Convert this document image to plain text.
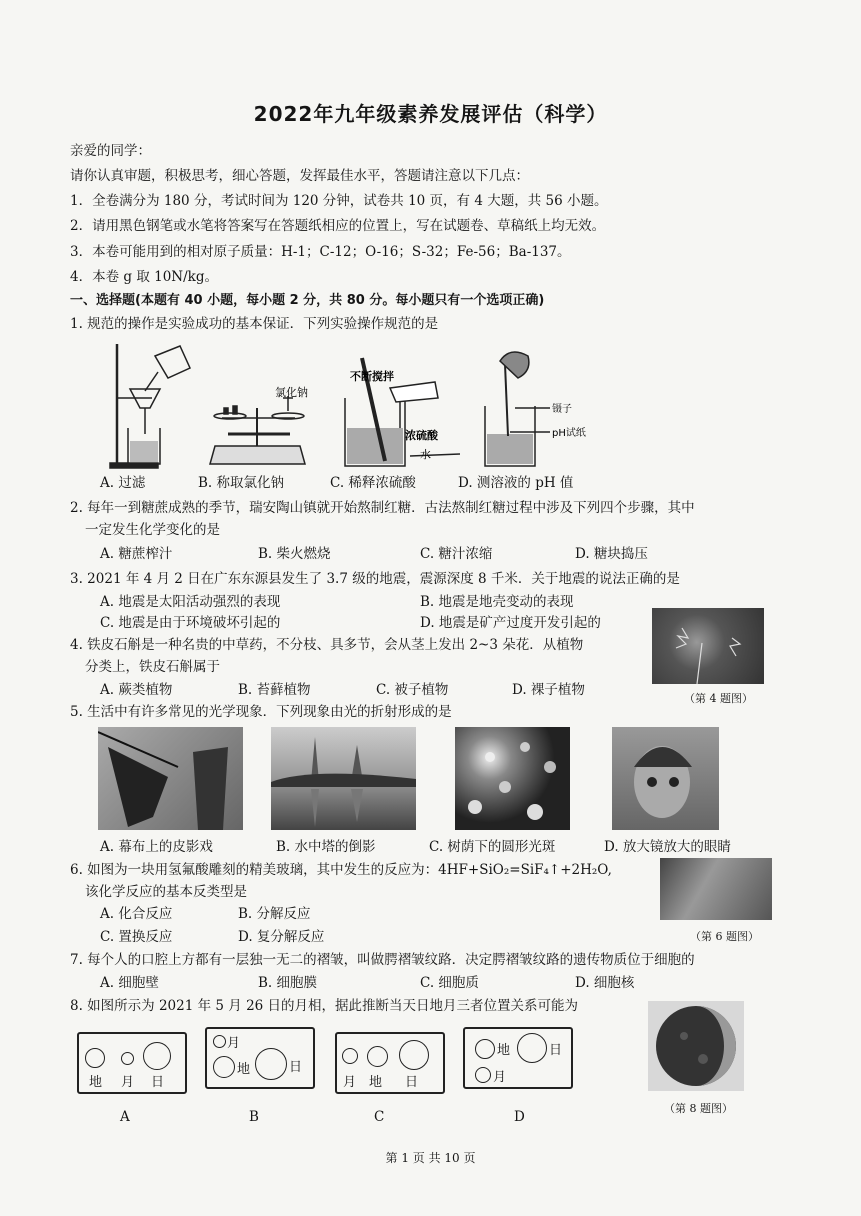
2022年九年级素养发展评估（科学）
亲爱的同学：
请你认真审题，积极思考，细心答题，发挥最佳水平，答题请注意以下几点：
1．全卷满分为 180 分，考试时间为 120 分钟，试卷共 10 页，有 4 大题，共 56 小题。
2．请用黑色钢笔或水笔将答案写在答题纸相应的位置上，写在试题卷、草稿纸上均无效。
3．本卷可能用到的相对原子质量：H-1；C-12；O-16；S-32；Fe-56；Ba-137。
4．本卷 g 取 10N/kg。
一、选择题(本题有 40 小题，每小题 2 分，共 80 分。每小题只有一个选项正确)
1. 规范的操作是实验成功的基本保证．下列实验操作规范的是
氯化钠
不断搅拌
浓硫酸
水
镊子
pH试纸
A. 过滤	B. 称取氯化钠	C. 稀释浓硫酸	D. 测溶液的 pH 值
2. 每年一到糖蔗成熟的季节，瑞安陶山镇就开始熬制红糖．古法熬制红糖过程中涉及下列四个步骤，其中
一定发生化学变化的是
A. 糖蔗榨汁	B. 柴火燃烧	C. 糖汁浓缩	D. 糖块捣压
3. 2021 年 4 月 2 日在广东东源县发生了 3.7 级的地震，震源深度 8 千米．关于地震的说法正确的是
A. 地震是太阳活动强烈的表现	B. 地震是地壳变动的表现
C. 地震是由于环境破坏引起的	D. 地震是矿产过度开发引起的
4. 铁皮石斛是一种名贵的中草药，不分枝、具多节，会从茎上发出 2~3 朵花．从植物
分类上，铁皮石斛属于
A. 蕨类植物	B. 苔藓植物	C. 被子植物	D. 裸子植物
（第 4 题图）
5. 生活中有许多常见的光学现象．下列现象由光的折射形成的是
A. 幕布上的皮影戏	B. 水中塔的倒影	C. 树荫下的圆形光斑	D. 放大镜放大的眼睛
6. 如图为一块用氢氟酸雕刻的精美玻璃，其中发生的反应为：4HF+SiO₂=SiF₄↑+2H₂O,
该化学反应的基本反类型是
A. 化合反应	B. 分解反应
C. 置换反应	D. 复分解反应	（第 6 题图）
7. 每个人的口腔上方都有一层独一无二的褶皱，叫做腭褶皱纹路．决定腭褶皱纹路的遗传物质位于细胞的
A. 细胞壁	B. 细胞膜	C. 细胞质	D. 细胞核
8. 如图所示为 2021 年 5 月 26 日的月相，据此推断当天日地月三者位置关系可能为
地 月 日
月
地	日
月 地 日
地	日
月
A	B	C	D
（第 8 题图）
第 1 页 共 10 页
